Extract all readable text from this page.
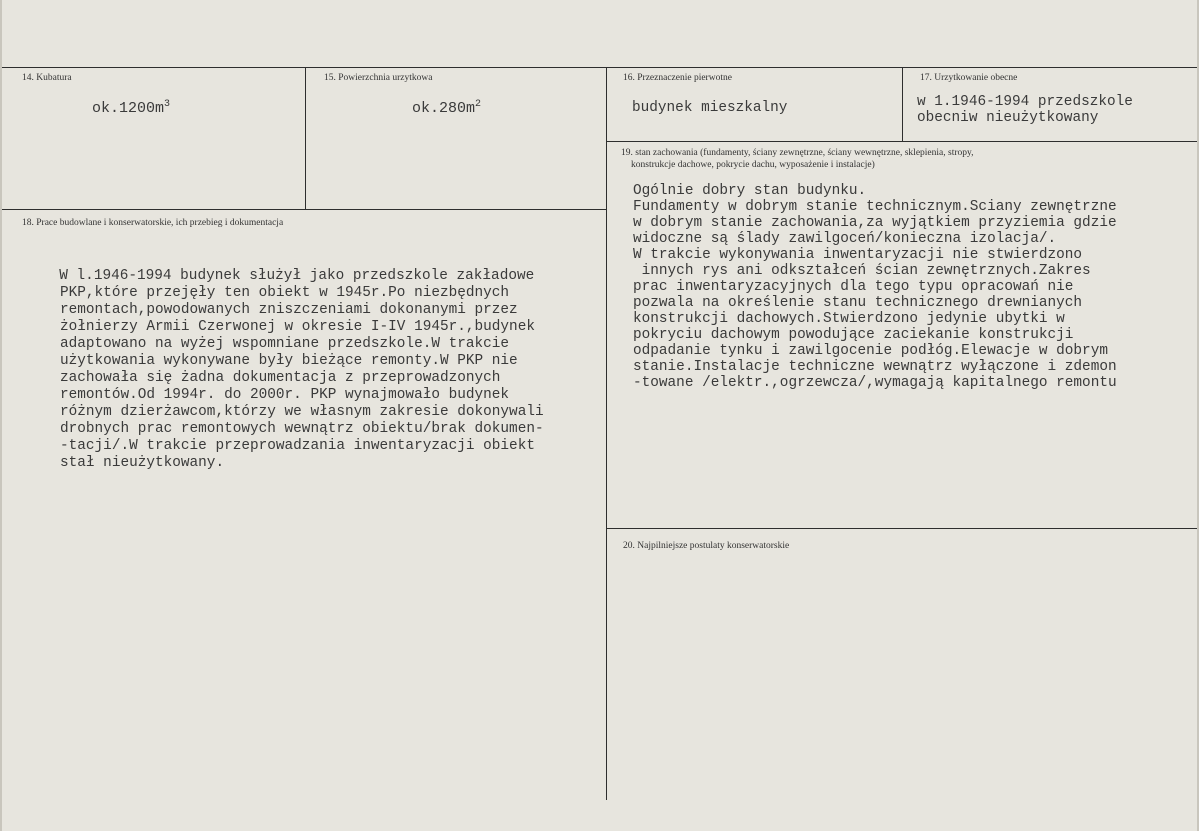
14. Kubatura
$ok.1200m^3$
15. Powierzchnia urzytkowa
$ok.280m^2$
16. Przeznaczenie pierwotne
budynek mieszkalny
17. Urzytkowanie obecne
w 1.1946-1994 przedszkole
obecniw nieużytkowany
19. stan zachowania (fundamenty, ściany zewnętrzne, ściany wewnętrzne, sklepienia, stropy,
konstrukcje dachowe, pokrycie dachu, wyposażenie i instalacje)
Ogólnie dobry stan budynku.
Fundamenty w dobrym stanie technicznym.Sciany zewnętrzne
w dobrym stanie zachowania,za wyjątkiem przyziemia gdzie
widoczne są ślady zawilgoceń/konieczna izolacja/.
W trakcie wykonywania inwentaryzacji nie stwierdzono
innych rys ani odkształceń ścian zewnętrznych.Zakres
prac inwentaryzacyjnych dla tego typu opracowań nie
pozwala na określenie stanu technicznego drewnianych
konstrukcji dachowych.Stwierdzono jedynie ubytki w
pokryciu dachowym powodujące zaciekanie konstrukcji
odpadanie tynku i zawilgocenie podłóg.Elewacje w dobrym
stanie.Instalacje techniczne wewnątrz wyłączone i zdemon
-towane /elektr.,ogrzewcza/,wymagają kapitalnego remontu
18. Prace budowlane i konserwatorskie, ich przebieg i dokumentacja
W l.1946-1994 budynek służył jako przedszkole zakładowe
PKP,które przejęły ten obiekt w 1945r.Po niezbędnych
remontach,powodowanych zniszczeniami dokonanymi przez
żołnierzy Armii Czerwonej w okresie I-IV 1945r.,budynek
adaptowano na wyżej wspomniane przedszkole.W trakcie
użytkowania wykonywane były bieżące remonty.W PKP nie
zachowała się żadna dokumentacja z przeprowadzonych
remontów.Od 1994r. do 2000r. PKP wynajmowało budynek
różnym dzierżawcom,którzy we własnym zakresie dokonywali
drobnych prac remontowych wewnątrz obiektu/brak dokumen-
-tacji/.W trakcie przeprowadzania inwentaryzacji obiekt
stał nieużytkowany.
20. Najpilniejsze postulaty konserwatorskie
